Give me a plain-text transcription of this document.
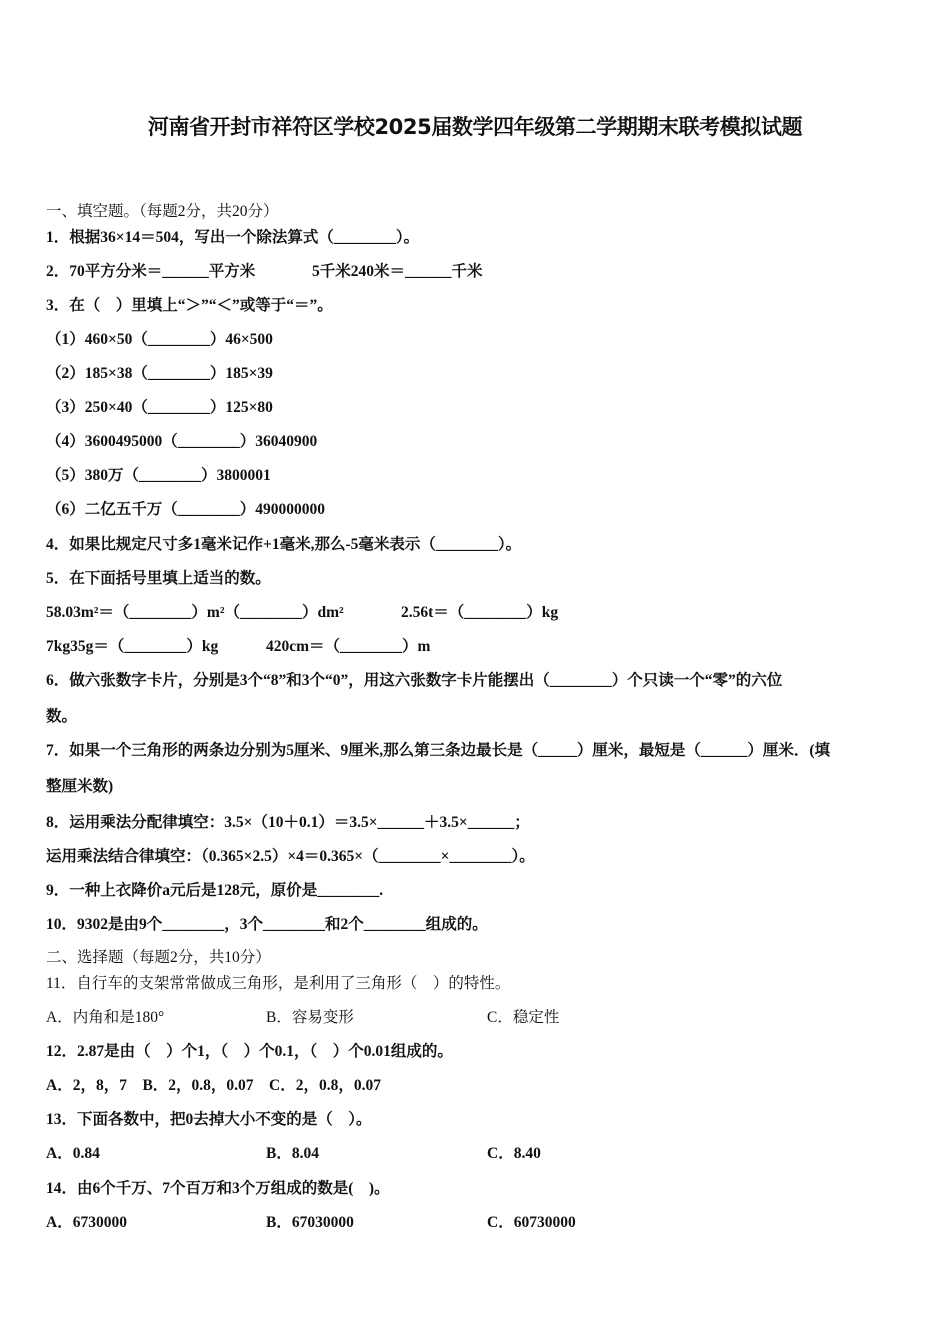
河南省开封市祥符区学校2025届数学四年级第二学期期末联考模拟试题
一、填空题。（每题2分，共20分）
1．根据36×14＝504，写出一个除法算式（________）。
2．70平方分米＝______平方米	5千米240米＝______千米
3．在（　）里填上“＞”“＜”或等于“＝”。
（1）460×50（________）46×500
（2）185×38（________）185×39
（3）250×40（________）125×80
（4）3600495000（________）36040900
（5）380万（________）3800001
（6）二亿五千万（________）490000000
4．如果比规定尺寸多1毫米记作+1毫米,那么-5毫米表示（________）。
5．在下面括号里填上适当的数。
58.03m²＝（________）m²（________）dm²	2.56t＝（________）kg
7kg35g＝（________）kg	420cm＝（________）m
6．做六张数字卡片，分别是3个“8”和3个“0”，用这六张数字卡片能摆出（________）个只读一个“零”的六位
数。
7．如果一个三角形的两条边分别为5厘米、9厘米,那么第三条边最长是（_____）厘米，最短是（______）厘米．(填
整厘米数)
8．运用乘法分配律填空：3.5×（10＋0.1）＝3.5×______＋3.5×______；
运用乘法结合律填空：（0.365×2.5）×4＝0.365×（________×________）。
9．一种上衣降价a元后是128元，原价是________.
10．9302是由9个________，3个________和2个________组成的。
二、选择题（每题2分，共10分）
11．自行车的支架常常做成三角形，是利用了三角形（　）的特性。
A．内角和是180°	B．容易变形	C．稳定性
12．2.87是由（　）个1，（　）个0.1，（　）个0.01组成的。
A．2，8，7　B．2，0.8，0.07　C．2，0.8，0.07
13．下面各数中，把0去掉大小不变的是（　）。
A．0.84	B．8.04	C．8.40
14．由6个千万、7个百万和3个万组成的数是(　)。
A．6730000	B．67030000	C．60730000
